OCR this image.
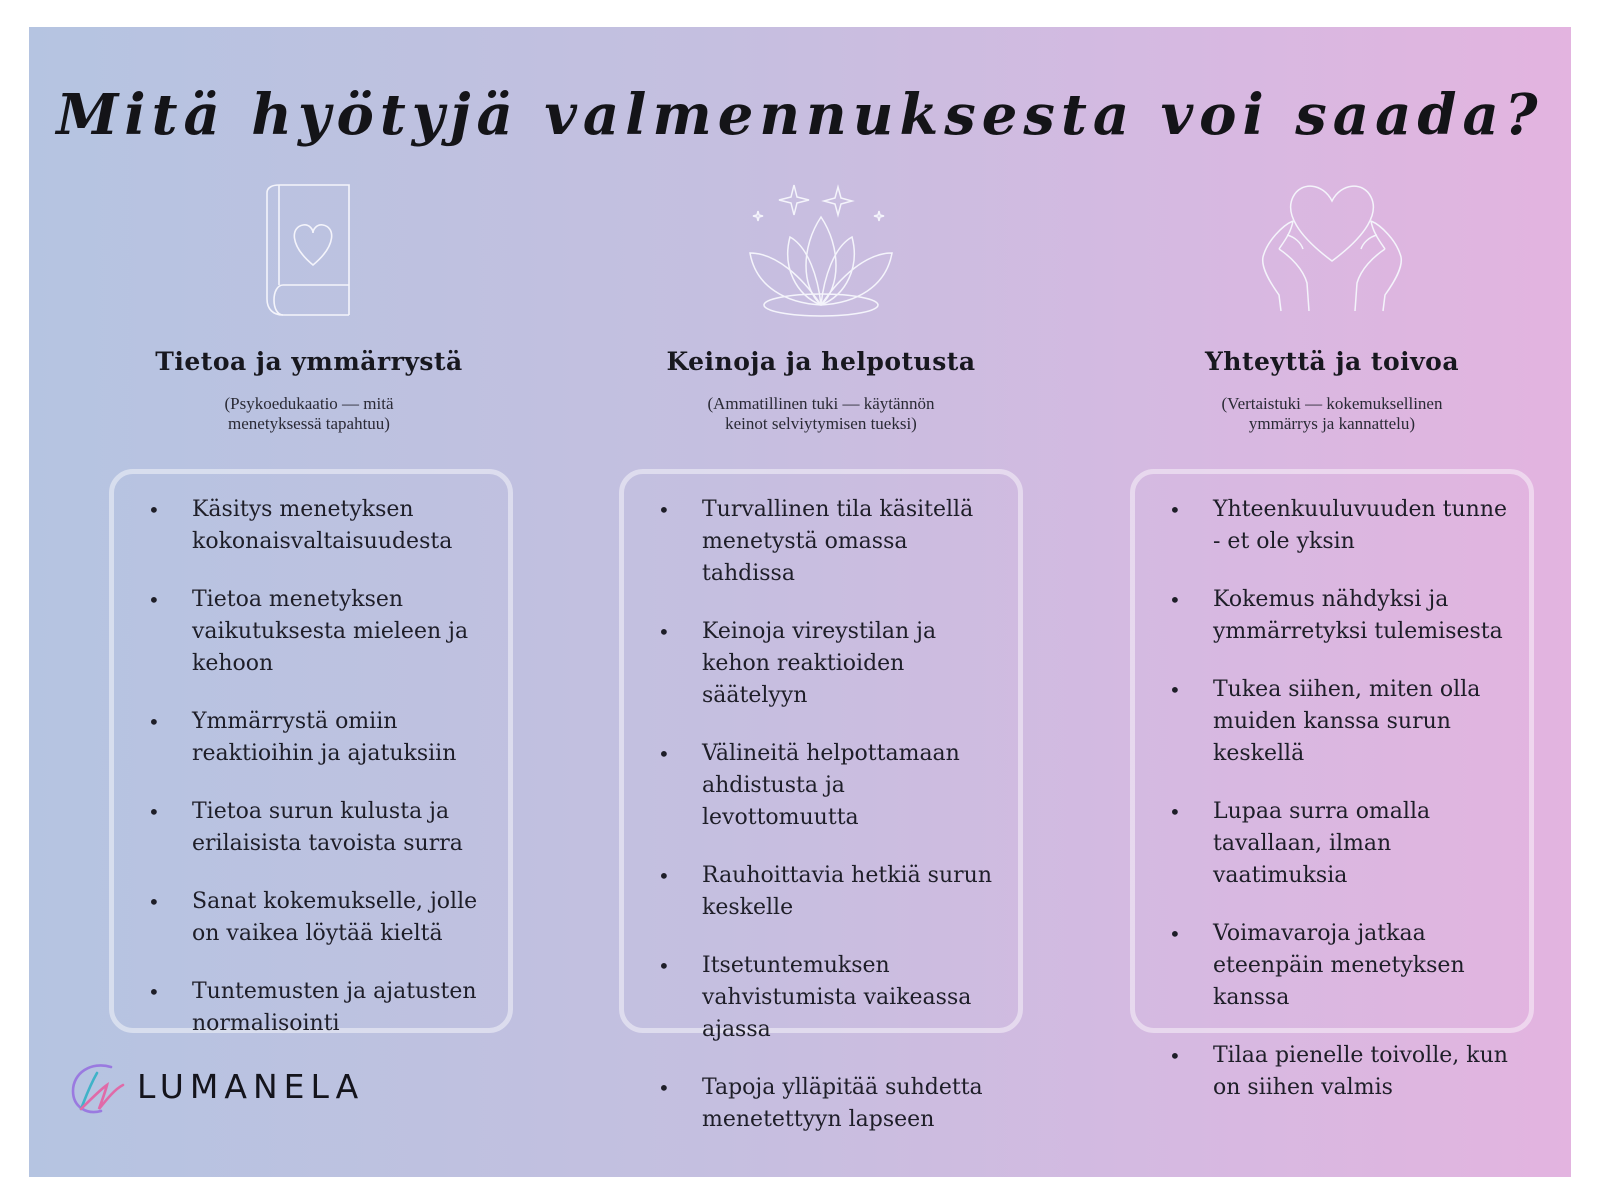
Mitä hyötyjä valmennuksesta voi saada?
Tietoa ja ymmärrystä
(Psykoedukaatio — mitä
menetyksessä tapahtuu)
• Käsitys menetyksen kokonaisvaltaisuudesta
• Tietoa menetyksen vaikutuksesta mieleen ja kehoon
• Ymmärrystä omiin reaktioihin ja ajatuksiin
• Tietoa surun kulusta ja erilaisista tavoista surra
• Sanat kokemukselle, jolle on vaikea löytää kieltä
• Tuntemusten ja ajatusten normalisointi
Keinoja ja helpotusta
(Ammatillinen tuki — käytännön
keinot selviytymisen tueksi)
• Turvallinen tila käsitellä menetystä omassa tahdissa
• Keinoja vireystilan ja kehon reaktioiden säätelyyn
• Välineitä helpottamaan ahdistusta ja levottomuutta
• Rauhoittavia hetkiä surun keskelle
• Itsetuntemuksen vahvistumista vaikeassa ajassa
• Tapoja ylläpitää suhdetta menetettyyn lapseen
Yhteyttä ja toivoa
(Vertaistuki — kokemuksellinen
ymmärrys ja kannattelu)
• Yhteenkuuluvuuden tunne - et ole yksin
• Kokemus nähdyksi ja ymmärretyksi tulemisesta
• Tukea siihen, miten olla muiden kanssa surun keskellä
• Lupaa surra omalla tavallaan, ilman vaatimuksia
• Voimavaroja jatkaa eteenpäin menetyksen kanssa
• Tilaa pienelle toivolle, kun on siihen valmis
LUMANELA
